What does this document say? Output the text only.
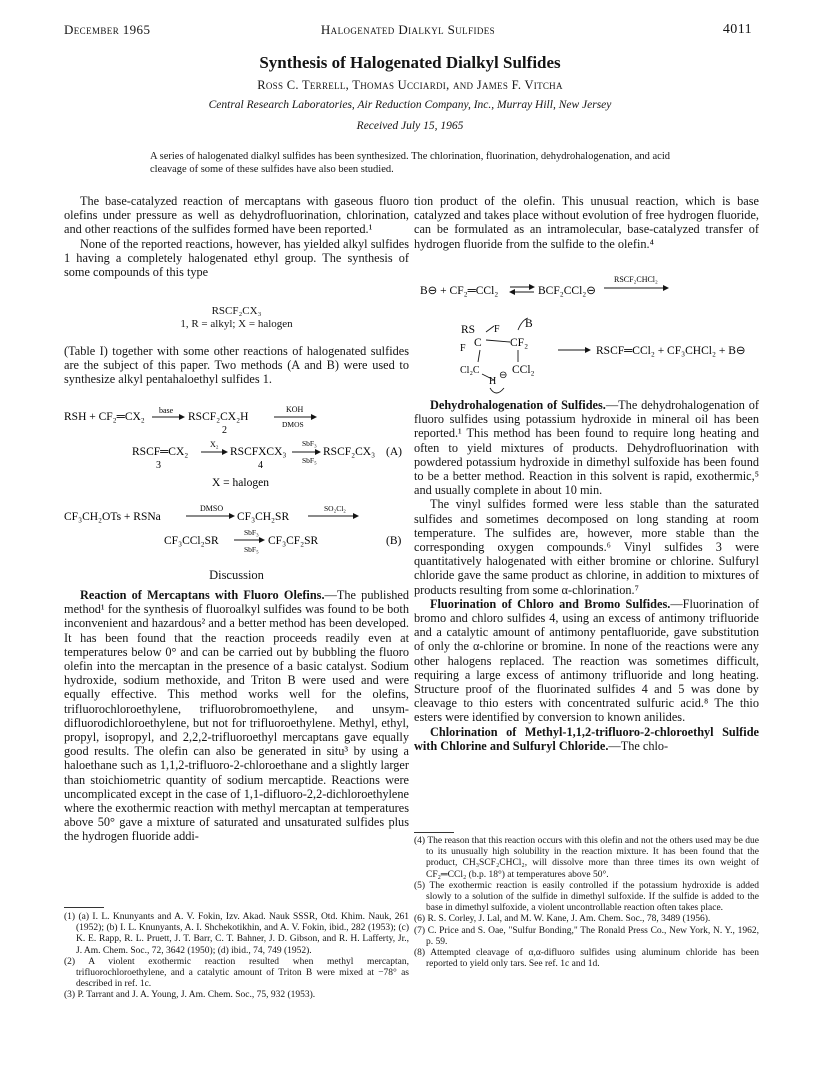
December 1965	Halogenated Dialkyl Sulfides	4011
Synthesis of Halogenated Dialkyl Sulfides
Ross C. Terrell, Thomas Ucciardi, and James F. Vitcha
Central Research Laboratories, Air Reduction Company, Inc., Murray Hill, New Jersey
Received July 15, 1965
A series of halogenated dialkyl sulfides has been synthesized. The chlorination, fluorination, dehydrohalogenation, and acid cleavage of some of these sulfides have also been studied.

The base-catalyzed reaction of mercaptans with gaseous fluoro olefins under pressure as well as dehydrofluorination, chlorination, and other reactions of the sulfides formed have been reported.¹

None of the reported reactions, however, has yielded alkyl sulfides 1 having a completely halogenated ethyl group. The synthesis of some compounds of this type

RSCF₂CX₃
1, R = alkyl; X = halogen

(Table I) together with some other reactions of halogenated sulfides are the subject of this paper. Two methods (A and B) were used to synthesize alkyl pentahaloethyl sulfides 1.

RSH + CF₂═CX₂
base
RSCF₂CX₂H
2
KOH
DMOS
RSCF═CX₂
3
X₂
RSCFXCX₃
4
SbF₃
SbF₅
RSCF₂CX₃ (A)
X = halogen
CF₃CH₂OTs + RSNa
DMSO
CF₃CH₂SR
SO₂Cl₂
CF₃CCl₂SR
SbF₃
SbF₅
CF₃CF₂SR	(B)
Discussion

Reaction of Mercaptans with Fluoro Olefins.—The published method¹ for the synthesis of fluoroalkyl sulfides was found to be both inconvenient and hazardous² and a better method has been developed. It has been found that the reaction proceeds readily even at temperatures below 0° and can be carried out by bubbling the fluoro olefin into the mercaptan in the presence of a basic catalyst. Sodium hydroxide, sodium methoxide, and Triton B were used and were equally effective. This method works well for the olefins, trifluorochloroethylene, trifluorobromoethylene, and unsym-difluorodichloroethylene, but not for trifluoroethylene. Methyl, ethyl, propyl, isopropyl, and 2,2,2-trifluoroethyl mercaptans gave equally good results. The olefin can also be generated in situ³ by using a haloethane such as 1,1,2-trifluoro-2-chloroethane and a slightly larger than stoichiometric quantity of sodium mercaptide. Reactions were uncomplicated except in the case of 1,1-difluoro-2,2-dichloroethylene where the exothermic reaction with methyl mercaptan at temperatures above 50° gave a mixture of saturated and unsaturated sulfides plus the hydrogen fluoride addi-

(1) (a) I. L. Knunyants and A. V. Fokin, Izv. Akad. Nauk SSSR, Otd. Khim. Nauk, 261 (1952); (b) I. L. Knunyants, A. I. Shchekotikhin, and A. V. Fokin, ibid., 282 (1953); (c) K. E. Rapp, R. L. Pruett, J. T. Barr, C. T. Bahner, J. D. Gibson, and R. H. Lafferty, Jr., J. Am. Chem. Soc., 72, 3642 (1950); (d) ibid., 74, 749 (1952).

(2) A violent exothermic reaction resulted when methyl mercaptan, trifluorochloroethylene, and a catalytic amount of Triton B were mixed at −78° as described in ref. 1c.

(3) P. Tarrant and J. A. Young, J. Am. Chem. Soc., 75, 932 (1953).

tion product of the olefin. This unusual reaction, which is base catalyzed and takes place without evolution of free hydrogen fluoride, can be formulated as an intramolecular, base-catalyzed transfer of hydrogen fluoride from the sulfide to the olefin.⁴

B⊖ + CF₂═CCl₂	BCF₂CCl₂⊖
RSCF₂CHCl₂
RS
F C
F
Cl₂C
CF₂
B
CCl₂
H
⊖
RSCF═CCl₂ + CF₃CHCl₂ + B⊖

Dehydrohalogenation of Sulfides.—The dehydrohalogenation of fluoro sulfides using potassium hydroxide in mineral oil has been reported.¹ This method has been found to require long heating and often to yield mixtures of products. Dehydrofluorination with powdered potassium hydroxide in dimethyl sulfoxide has been found to be a better method. Reaction in this solvent is rapid, exothermic,⁵ and usually complete in about 10 min.

The vinyl sulfides formed were less stable than the saturated sulfides and sometimes decomposed on long standing at room temperature. The sulfides are, however, more stable than the corresponding oxygen compounds.⁶ Vinyl sulfides 3 were quantitatively halogenated with either bromine or chlorine. Sulfuryl chloride gave the same product as chlorine, in addition to mixtures of products resulting from some α-chlorination.⁷

Fluorination of Chloro and Bromo Sulfides.—Fluorination of bromo and chloro sulfides 4, using an excess of antimony trifluoride and a catalytic amount of antimony pentafluoride, gave substitution of only the α-chlorine or bromine. In none of the reactions were any other halogens replaced. The reaction was sometimes difficult, requiring a large excess of antimony trifluoride and long heating. Structure proof of the fluorinated sulfides 4 and 5 was done by cleavage to thio esters with concentrated sulfuric acid.⁸ The thio esters were identified by conversion to known anilides.

Chlorination of Methyl-1,1,2-trifluoro-2-chloroethyl Sulfide with Chlorine and Sulfuryl Chloride.—The chlo-

(4) The reason that this reaction occurs with this olefin and not the others used may be due to its unusually high solubility in the reaction mixture. It has been found that the product, CH₃SCF₂CHCl₂, will dissolve more than three times its own weight of CF₂═CCl₂ (b.p. 18°) at temperatures above 50°.

(5) The exothermic reaction is easily controlled if the potassium hydroxide is added slowly to a solution of the sulfide in dimethyl sulfoxide. If the sulfide is added to the base in dimethyl sulfoxide, a violent uncontrollable reaction often takes place.

(6) R. S. Corley, J. Lal, and M. W. Kane, J. Am. Chem. Soc., 78, 3489 (1956).

(7) C. Price and S. Oae, "Sulfur Bonding," The Ronald Press Co., New York, N. Y., 1962, p. 59.

(8) Attempted cleavage of α,α-difluoro sulfides using aluminum chloride has been reported to yield only tars. See ref. 1c and 1d.
